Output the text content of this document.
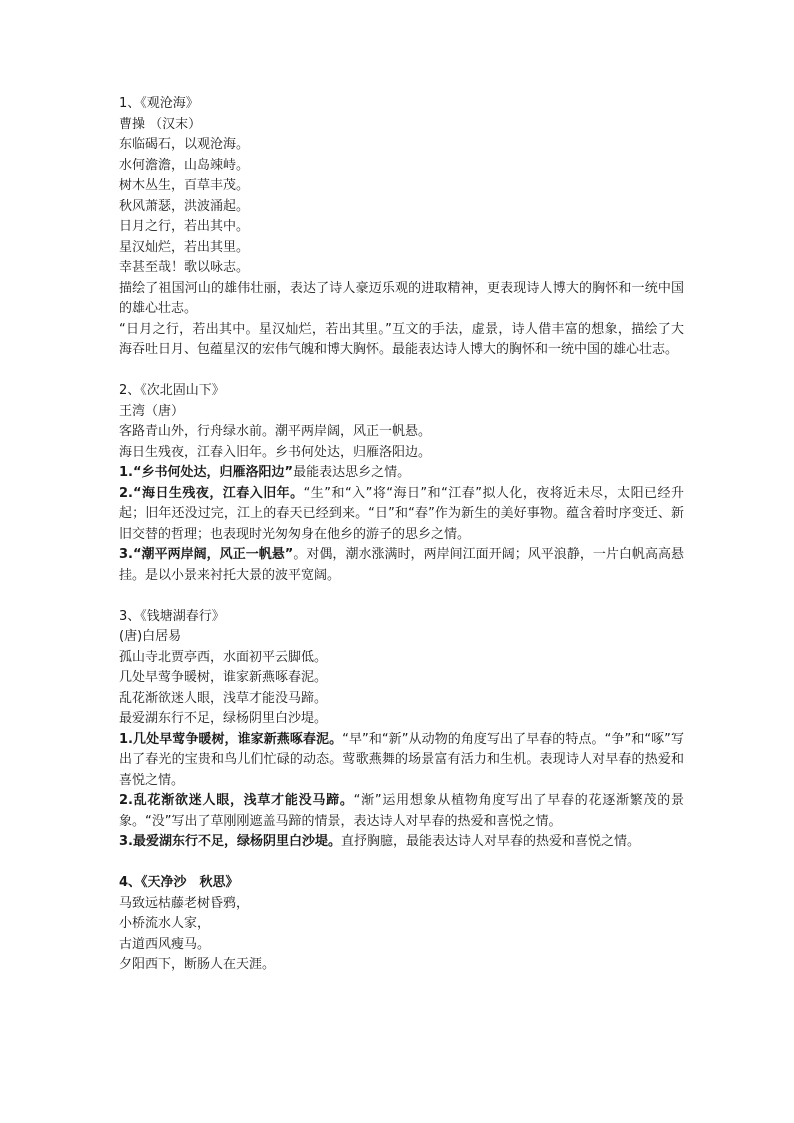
1、《观沧海》

曹操 （汉末）

东临碣石，以观沧海。

水何澹澹，山岛竦峙。

树木丛生，百草丰茂。

秋风萧瑟，洪波涌起。

日月之行，若出其中。

星汉灿烂，若出其里。

幸甚至哉！歌以咏志。

描绘了祖国河山的雄伟壮丽，表达了诗人豪迈乐观的进取精神，更表现诗人博大的胸怀和一统中国的雄心壮志。

“日月之行，若出其中。星汉灿烂，若出其里。”互文的手法，虚景，诗人借丰富的想象，描绘了大海吞吐日月、包蕴星汉的宏伟气魄和博大胸怀。最能表达诗人博大的胸怀和一统中国的雄心壮志。

2、《次北固山下》

王湾（唐）

客路青山外，行舟绿水前。潮平两岸阔，风正一帆悬。

海日生残夜，江春入旧年。乡书何处达，归雁洛阳边。

1.“乡书何处达，归雁洛阳边”最能表达思乡之情。

2.“海日生残夜，江春入旧年。“生”和“入”将“海日”和“江春”拟人化，夜将近未尽，太阳已经升起；旧年还没过完，江上的春天已经到来。“日”和“春”作为新生的美好事物。蕴含着时序变迁、新旧交替的哲理；也表现时光匆匆身在他乡的游子的思乡之情。

3.“潮平两岸阔，风正一帆悬”。对偶，潮水涨满时，两岸间江面开阔；风平浪静，一片白帆高高悬挂。是以小景来衬托大景的波平宽阔。

3、《钱塘湖春行》

(唐)白居易

孤山寺北贾亭西，水面初平云脚低。

几处早莺争暖树，谁家新燕啄春泥。

乱花渐欲迷人眼，浅草才能没马蹄。

最爱湖东行不足，绿杨阴里白沙堤。

1.几处早莺争暖树，谁家新燕啄春泥。“早”和“新”从动物的角度写出了早春的特点。“争”和“啄”写出了春光的宝贵和鸟儿们忙碌的动态。莺歌燕舞的场景富有活力和生机。表现诗人对早春的热爱和喜悦之情。

2.乱花渐欲迷人眼，浅草才能没马蹄。“渐”运用想象从植物角度写出了早春的花逐渐繁茂的景象。“没”写出了草刚刚遮盖马蹄的情景，表达诗人对早春的热爱和喜悦之情。

3.最爱湖东行不足，绿杨阴里白沙堤。直抒胸臆，最能表达诗人对早春的热爱和喜悦之情。

4、《天净沙　秋思》

马致远枯藤老树昏鸦，

小桥流水人家，

古道西风瘦马。

夕阳西下，断肠人在天涯。
